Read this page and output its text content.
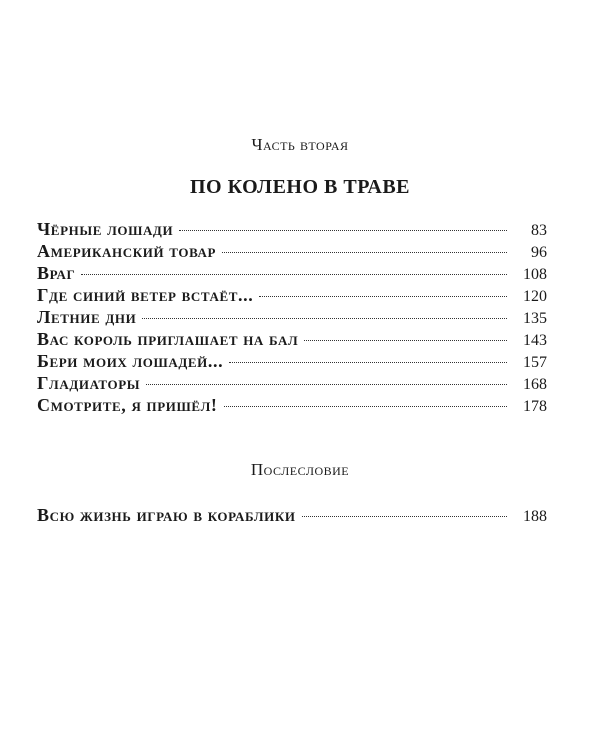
Часть вторая
ПО КОЛЕНО В ТРАВЕ
Чёрные лошади	83
Американский товар	96
Враг	108
Где синий ветер встаёт...	120
Летние дни	135
Вас король приглашает на бал	143
Бери моих лошадей...	157
Гладиаторы	168
Смотрите, я пришёл!	178
Послесловие
Всю жизнь играю в кораблики	188
